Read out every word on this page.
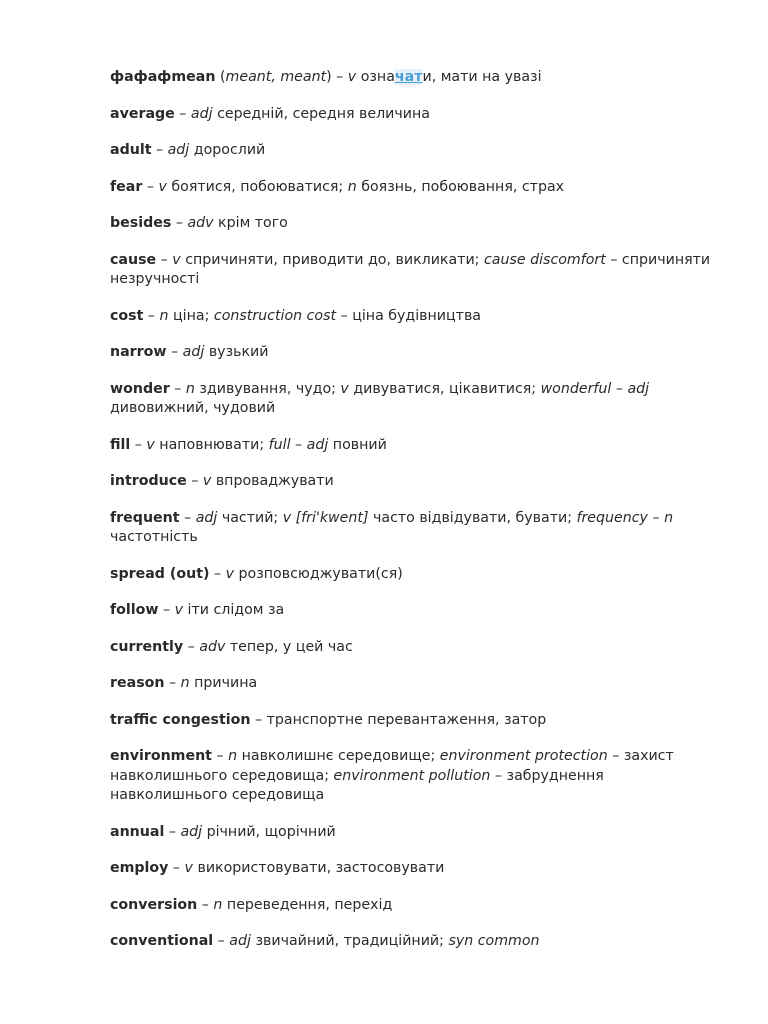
фафафmean (meant, meant) – v означати, мати на увазі

average – adj середній, середня величина

adult – adj дорослий

fear – v боятися, побоюватися; n боязнь, побоювання, страх

besides – adv крім того

cause – v спричиняти, приводити до, викликати; cause discomfort – спричиняти незручності

cost – n ціна; construction cost – ціна будівництва

narrow – adj вузький

wonder – n здивування, чудо; v дивуватися, цікавитися; wonderful – adj дивовижний, чудовий

fill – v наповнювати; full – adj повний

introduce – v впроваджувати

frequent – adj частий; v [fri'kwent] часто відвідувати, бувати; frequency – n частотність

spread (out) – v розповсюджувати(ся)

follow – v іти слідом за

currently – adv тепер, у цей час

reason – n причина

traffic congestion – транспортне перевантаження, затор

environment – n навколишнє середовище; environment protection – захист навколишнього середовища; environment pollution – забруднення навколишнього середовища

annual – adj річний, щорічний

employ – v використовувати, застосовувати

conversion – n переведення, перехід

conventional – adj звичайний, традиційний; syn common
